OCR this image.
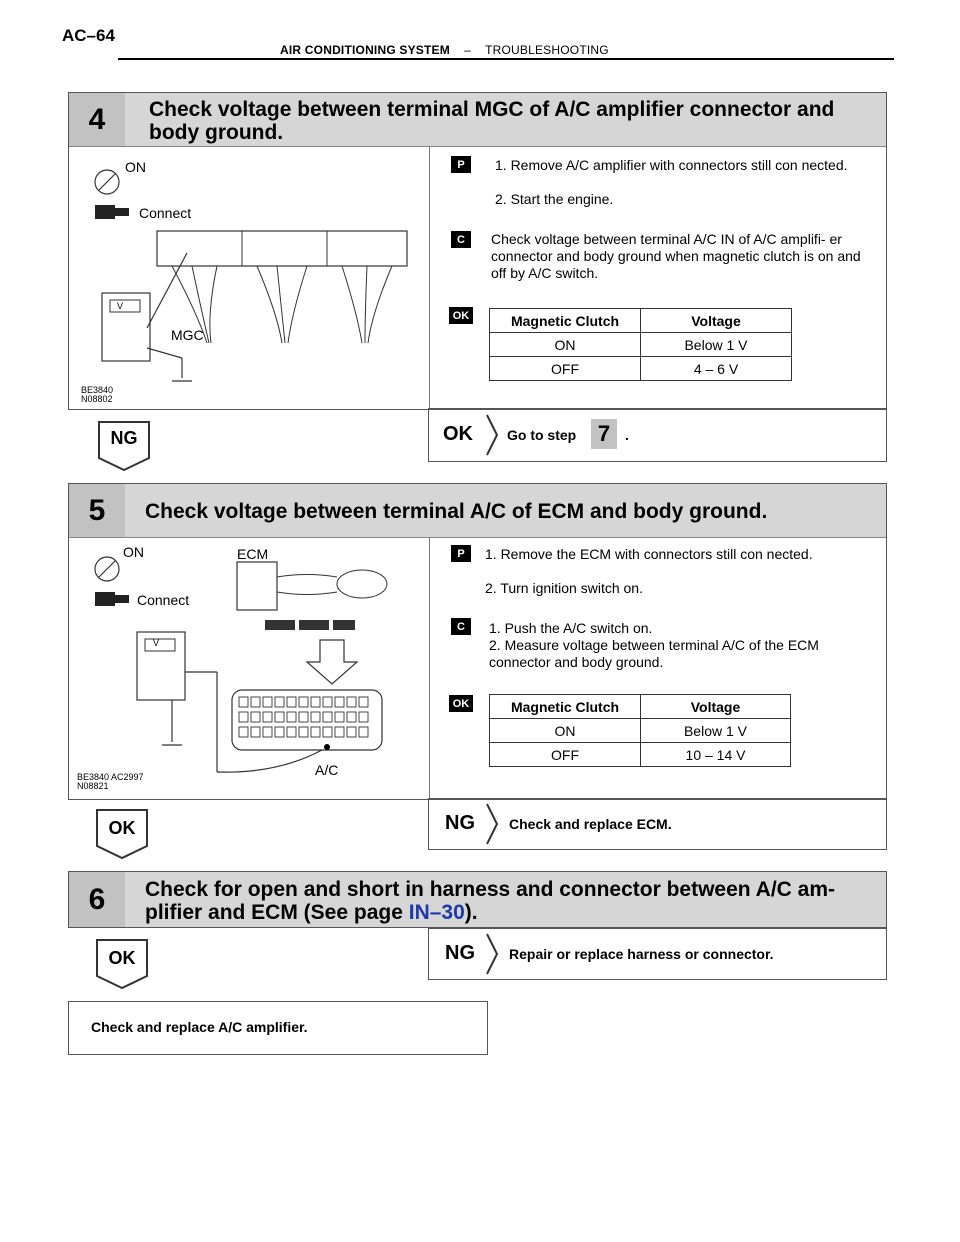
AC–64
AIR CONDITIONING SYSTEM – TROUBLESHOOTING
4	Check voltage between terminal MGC of A/C amplifier connector and body ground.
ON
Connect
MGC
V
BE3840
N08802
P	1. Remove A/C amplifier with connectors still con nected.
2. Start the engine.
C	Check voltage between terminal A/C IN of A/C amplifi- er connector and body ground when magnetic clutch is on and off by A/C switch.
OK	Magnetic Clutch	Voltage
ON	Below 1 V
OFF	4 – 6 V
NG	OK Go to step 7	.
5	Check voltage between terminal A/C of ECM and body ground.
ON
Connect
ECM
A/C
V
BE3840 AC2997
N08821
P	1. Remove the ECM with connectors still con nected.
2. Turn ignition switch on.
C	1. Push the A/C switch on.
2. Measure voltage between terminal A/C of the ECM connector and body ground.
OK	Magnetic Clutch	Voltage
ON	Below 1 V
OFF	10 – 14 V
OK	NG Check and replace ECM.
6	Check for open and short in harness and connector between A/C am- plifier and ECM (See page IN–30).
OK	NG Repair or replace harness or connector.
Check and replace A/C amplifier.
